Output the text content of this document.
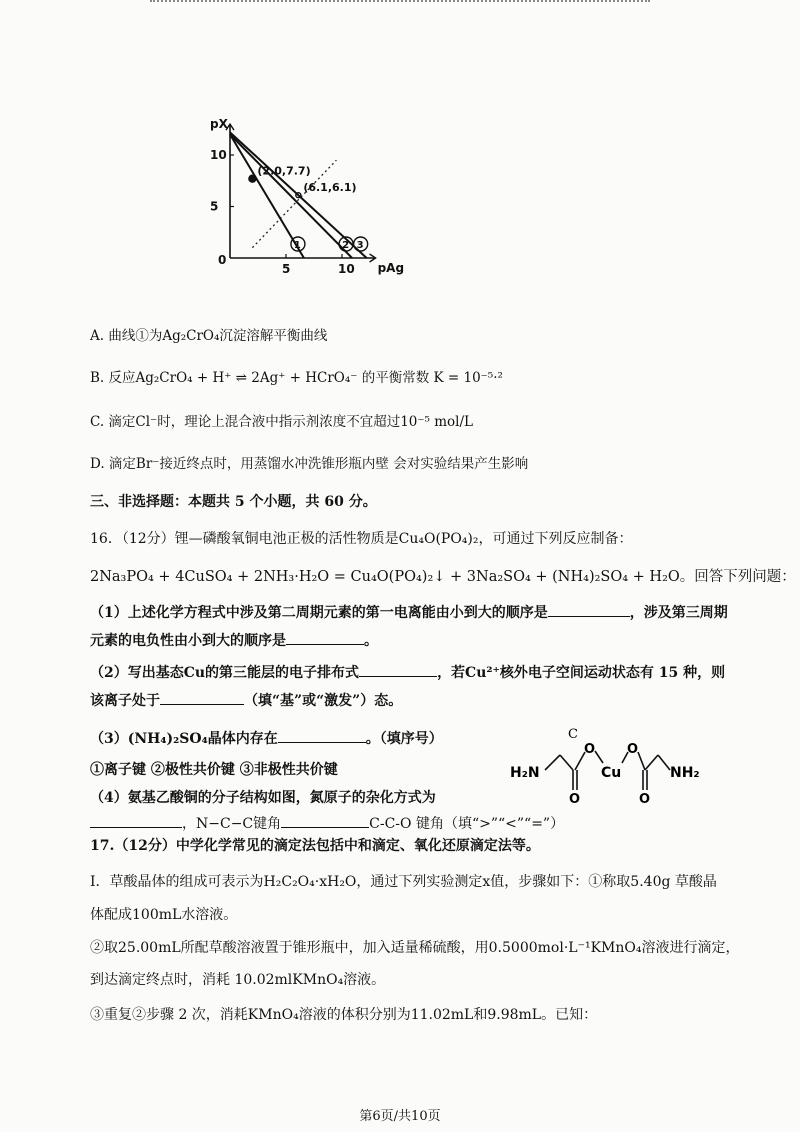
5	10
5
10
0
pAg
pX
1	2 3
(2.0,7.7)
(6.1,6.1)
A. 曲线①为Ag₂CrO₄沉淀溶解平衡曲线
B. 反应Ag₂CrO₄ + H⁺ ⇌ 2Ag⁺ + HCrO₄⁻ 的平衡常数 K = 10⁻⁵·²
C. 滴定Cl⁻时，理论上混合液中指示剂浓度不宜超过10⁻⁵ mol/L
D. 滴定Br⁻接近终点时，用蒸馏水冲洗锥形瓶内壁 会对实验结果产生影响
三、非选择题：本题共 5 个小题，共 60 分。
16．（12分）锂—磷酸氧铜电池正极的活性物质是Cu₄O(PO₄)₂，可通过下列反应制备：
2Na₃PO₄ + 4CuSO₄ + 2NH₃·H₂O = Cu₄O(PO₄)₂↓ + 3Na₂SO₄ + (NH₄)₂SO₄ + H₂O。回答下列问题：
（1）上述化学方程式中涉及第二周期元素的第一电离能由小到大的顺序是	，涉及第三周期
元素的电负性由小到大的顺序是	。
（2）写出基态Cu的第三能层的电子排布式	，若Cu²⁺核外电子空间运动状态有 15 种，则
该离子处于	（填“基”或“激发”）态。
（3）(NH₄)₂SO₄晶体内存在	。（填序号）
①离子键 ②极性共价键 ③非极性共价键
（4）氨基乙酸铜的分子结构如图，氮原子的杂化方式为
，N−C−C键角	C-C-O 键角（填“>”“<”“=”）
C
H₂N
O
O
Cu
O
O
NH₂
17.（12分）中学化学常见的滴定法包括中和滴定、氧化还原滴定法等。
Ⅰ．草酸晶体的组成可表示为H₂C₂O₄·xH₂O，通过下列实验测定x值，步骤如下：①称取5.40g 草酸晶
体配成100mL水溶液。
②取25.00mL所配草酸溶液置于锥形瓶中，加入适量稀硫酸，用0.5000mol·L⁻¹KMnO₄溶液进行滴定，
到达滴定终点时，消耗 10.02mlKMnO₄溶液。
③重复②步骤 2 次，消耗KMnO₄溶液的体积分别为11.02mL和9.98mL。已知：
第6页/共10页
